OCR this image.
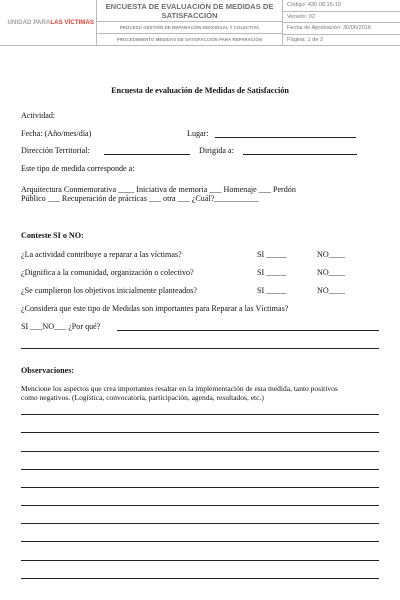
UNIDAD PARA LAS VÍCTIMAS
ENCUESTA DE EVALUACIÓN DE MEDIDAS DE SATISFACCIÓN
PROCESO GESTIÓN DE REPARACIÓN INDIVIDUAL Y COLECTIVA
PROCEDIMIENTO MEDIDAS DE SATISFACCIÓN PARA REPARACIÓN
Código: 430.08.15-10
Versión: 02
Fecha de Aprobación: 30/06/2016
Página: 1 de 2
Encuesta de evaluación de Medidas de Satisfacción
Actividad:
Fecha: (Año/mes/día)	Lugar:
Dirección Territorial:	Dirigida a:
Este tipo de medida corresponde a:
Arquitectura Conmemorativa ____ Iniciativa de memoria ___ Homenaje ___ Perdón
Público ___ Recuperación de prácticas ___ otra ___ ¿Cuál?___________
Conteste SI o NO:
¿La actividad contribuye a reparar a las víctimas?	SI _____	NO____
¿Dignifica a la comunidad, organización o colectivo?	SI _____	NO____
¿Se cumplieron los objetivos inicialmente planteados?	SI _____	NO____
¿Considera que este tipo de Medidas son importantes para Reparar a las Víctimas?
SI ___NO___ ¿Por qué?
Observaciones:
Mencione los aspectos que crea importantes resaltar en la implementación de esta medida, tanto positivos
como negativos. (Logística, convocatoria, participación, agenda, resultados, etc.)
